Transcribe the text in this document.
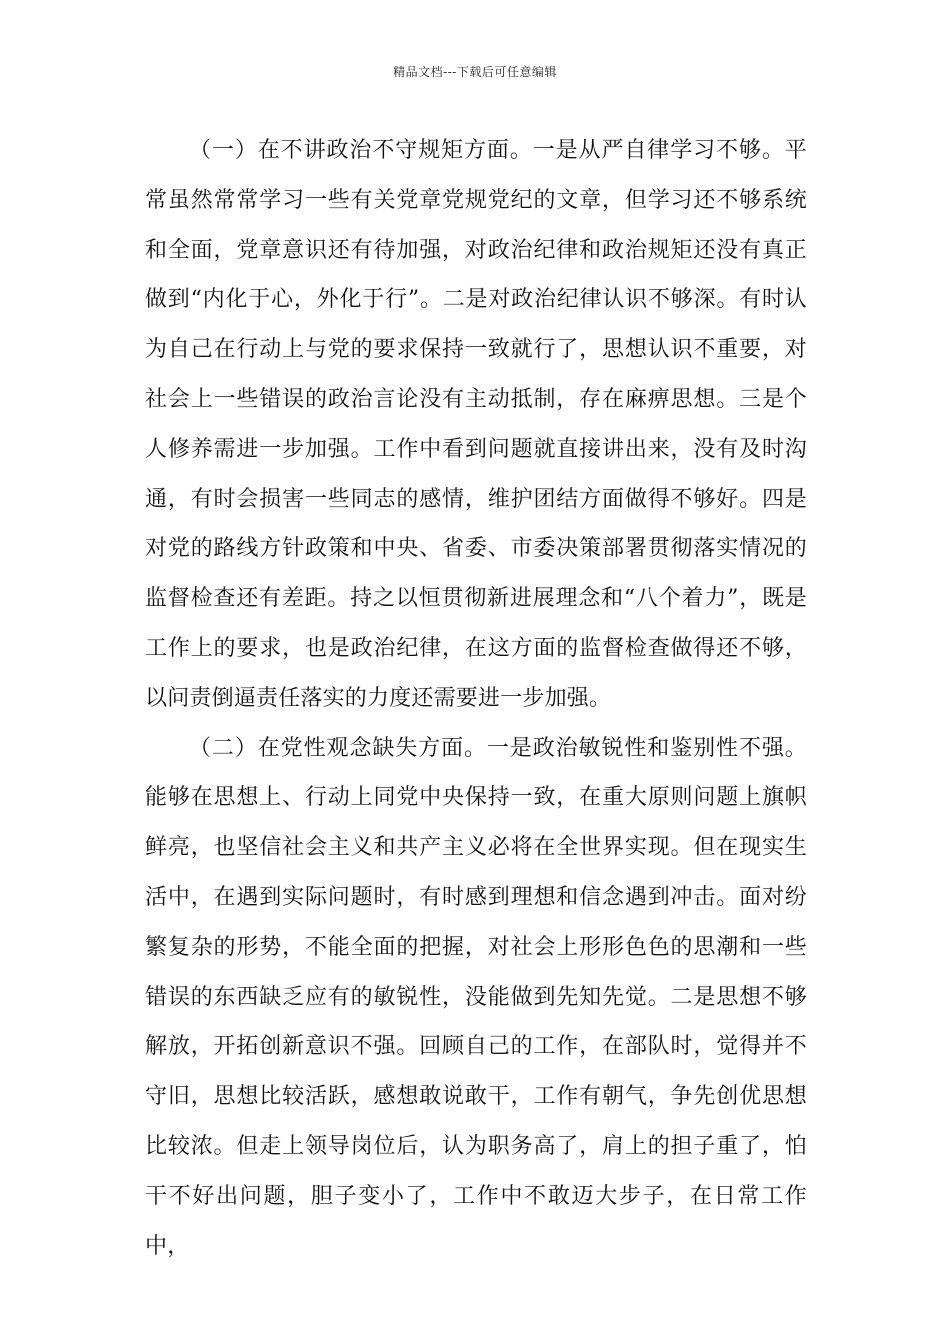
精品文档---下载后可任意编辑

（一）在不讲政治不守规矩方面。一是从严自律学习不够。平常虽然常常学习一些有关党章党规党纪的文章，但学习还不够系统和全面，党章意识还有待加强，对政治纪律和政治规矩还没有真正做到“内化于心，外化于行”。二是对政治纪律认识不够深。有时认为自己在行动上与党的要求保持一致就行了，思想认识不重要，对社会上一些错误的政治言论没有主动抵制，存在麻痹思想。三是个人修养需进一步加强。工作中看到问题就直接讲出来，没有及时沟通，有时会损害一些同志的感情，维护团结方面做得不够好。四是对党的路线方针政策和中央、省委、市委决策部署贯彻落实情况的监督检查还有差距。持之以恒贯彻新进展理念和“八个着力”，既是工作上的要求，也是政治纪律，在这方面的监督检查做得还不够，以问责倒逼责任落实的力度还需要进一步加强。

（二）在党性观念缺失方面。一是政治敏锐性和鉴别性不强。能够在思想上、行动上同党中央保持一致，在重大原则问题上旗帜鲜亮，也坚信社会主义和共产主义必将在全世界实现。但在现实生活中，在遇到实际问题时，有时感到理想和信念遇到冲击。面对纷繁复杂的形势，不能全面的把握，对社会上形形色色的思潮和一些错误的东西缺乏应有的敏锐性，没能做到先知先觉。二是思想不够解放，开拓创新意识不强。回顾自己的工作，在部队时，觉得并不守旧，思想比较活跃，感想敢说敢干，工作有朝气，争先创优思想比较浓。但走上领导岗位后，认为职务高了，肩上的担子重了，怕干不好出问题，胆子变小了，工作中不敢迈大步子，在日常工作中，
